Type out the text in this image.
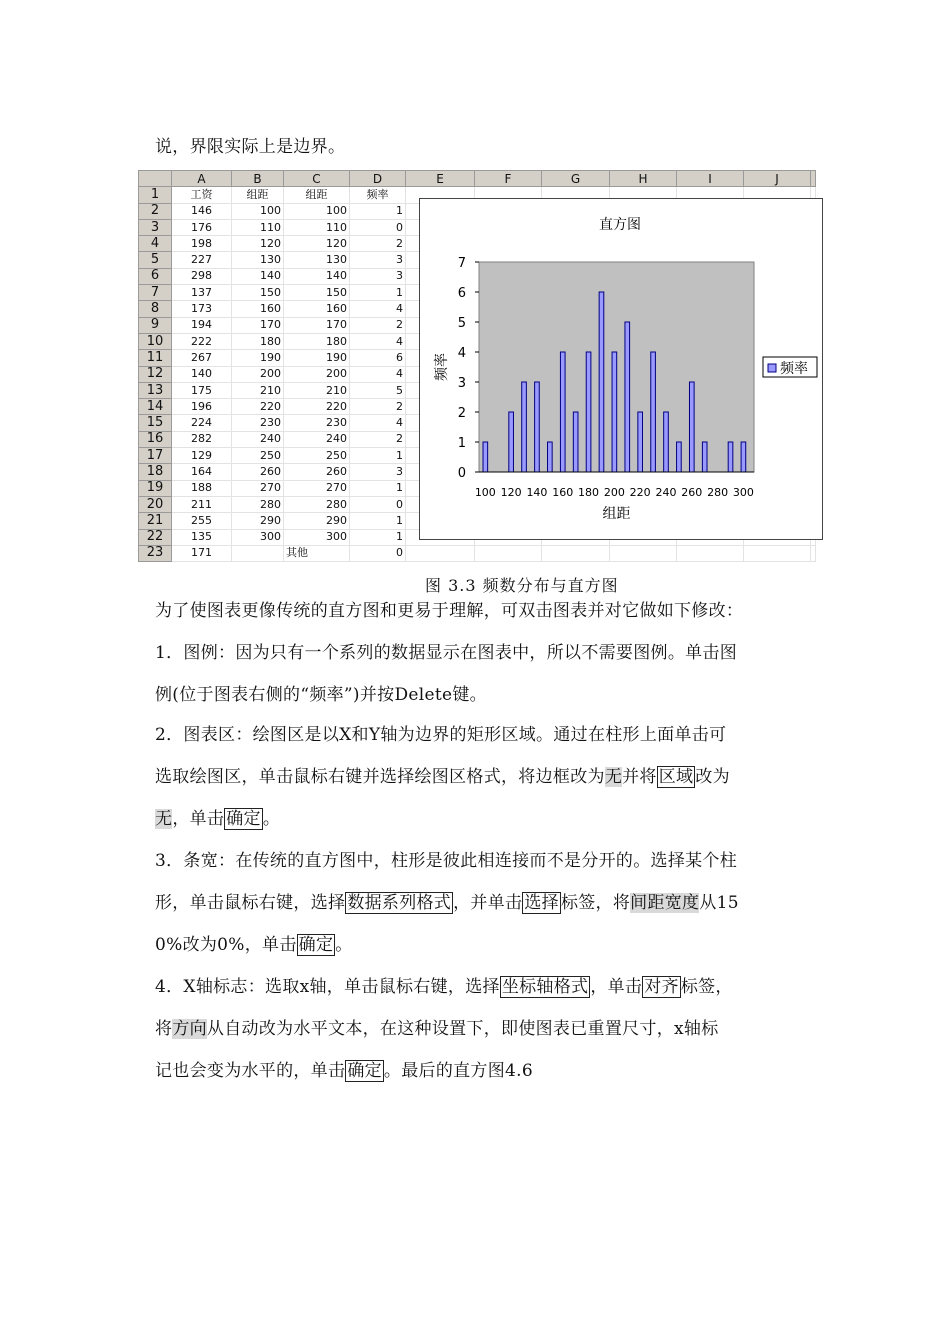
说，界限实际上是边界。
	A	B	C	D	E	F	G	H	I	J	
1	工资	组距	组距	频率							
2	146	100	100	1							
3	176	110	110	0							
4	198	120	120	2							
5	227	130	130	3							
6	298	140	140	3							
7	137	150	150	1							
8	173	160	160	4							
9	194	170	170	2							
10	222	180	180	4							
11	267	190	190	6							
12	140	200	200	4							
13	175	210	210	5							
14	196	220	220	2							
15	224	230	230	4							
16	282	240	240	2							
17	129	250	250	1							
18	164	260	260	3							
19	188	270	270	1							
20	211	280	280	0							
21	255	290	290	1							
22	135	300	300	1							
23	171		其他	0							
直方图
0
1
2
3
4
5
6
7
频率
100 120 140 160 180 200 220 240 260 280 300
组距
频率
图 3.3 频数分布与直方图
为了使图表更像传统的直方图和更易于理解，可双击图表并对它做如下修改：
1．图例：因为只有一个系列的数据显示在图表中，所以不需要图例。单击图
例(位于图表右侧的“频率”)并按Delete键。
2．图表区：绘图区是以X和Y轴为边界的矩形区域。通过在柱形上面单击可
选取绘图区，单击鼠标右键并选择绘图区格式，将边框改为无并将 区域 改为
无，单击 确定 。
3．条宽：在传统的直方图中，柱形是彼此相连接而不是分开的。选择某个柱
形，单击鼠标右键，选择 数据系列格式 ，并单击 选择 标签，将间距宽度从15
0%改为0%，单击 确定 。
4．X轴标志：选取x轴，单击鼠标右键，选择 坐标轴格式 ，单击 对齐 标签，
将方向从自动改为水平文本，在这种设置下，即使图表已重置尺寸，x轴标
记也会变为水平的，单击 确定 。最后的直方图4.6
